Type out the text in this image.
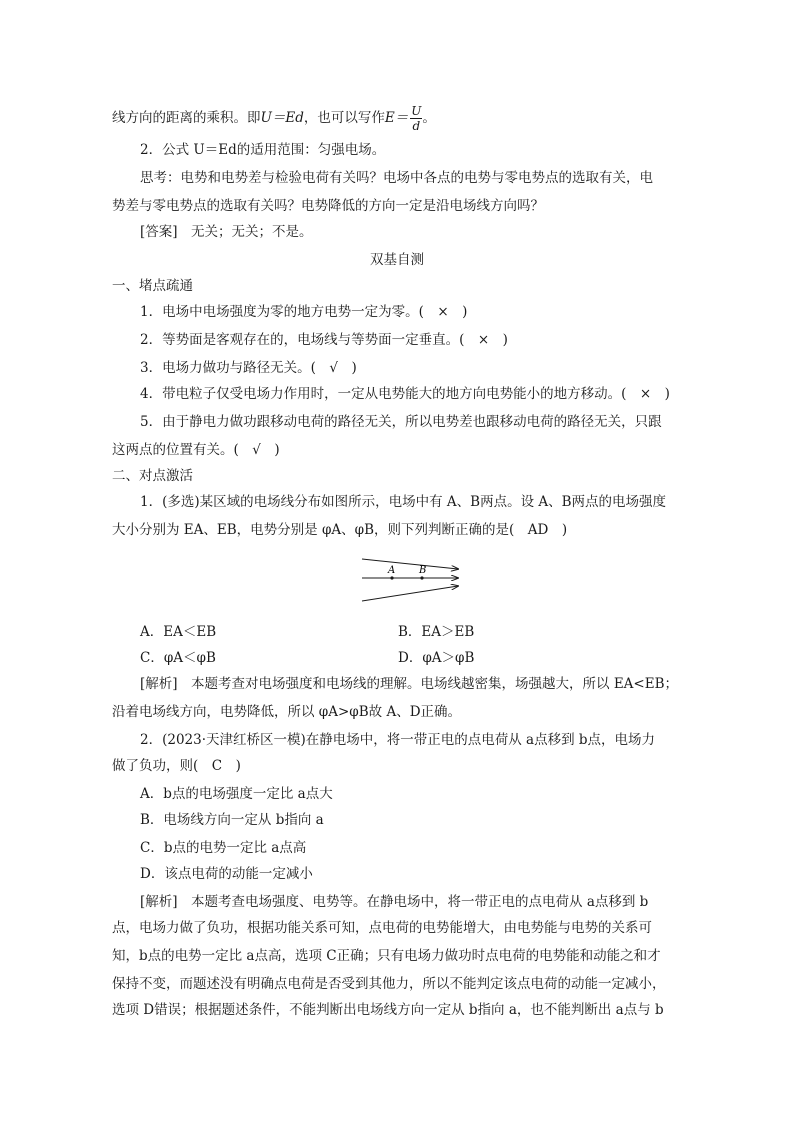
线方向的距离的乘积。即U＝Ed，也可以写作$E= \frac{U}{d}$ 。
2．公式 U＝Ed的适用范围：匀强电场。
思考：电势和电势差与检验电荷有关吗？电场中各点的电势与零电势点的选取有关，电
势差与零电势点的选取有关吗？电势降低的方向一定是沿电场线方向吗？
[答案]　无关；无关；不是。
双基自测
一、堵点疏通
1．电场中电场强度为零的地方电势一定为零。(　×　)
2．等势面是客观存在的，电场线与等势面一定垂直。(　×　)
3．电场力做功与路径无关。(　√　)
4．带电粒子仅受电场力作用时，一定从电势能大的地方向电势能小的地方移动。(　×　)
5．由于静电力做功跟移动电荷的路径无关，所以电势差也跟移动电荷的路径无关，只跟
这两点的位置有关。(　√　)
二、对点激活
1．(多选)某区域的电场线分布如图所示，电场中有 A、B两点。设 A、B两点的电场强度
大小分别为 EA、EB，电势分别是 φA、φB，则下列判断正确的是(　AD　)
A B
A．EA＜EB	B．EA＞EB
C．φA＜φB	D．φA＞φB
[解析]　本题考查对电场强度和电场线的理解。电场线越密集，场强越大，所以 EA<EB；
沿着电场线方向，电势降低，所以 φA>φB故 A、D正确。
2．(2023·天津红桥区一模)在静电场中，将一带正电的点电荷从 a点移到 b点，电场力
做了负功，则(　C　)
A．b点的电场强度一定比 a点大
B．电场线方向一定从 b指向 a
C．b点的电势一定比 a点高
D．该点电荷的动能一定减小
[解析]　本题考查电场强度、电势等。在静电场中，将一带正电的点电荷从 a点移到 b
点，电场力做了负功，根据功能关系可知，点电荷的电势能增大，由电势能与电势的关系可
知，b点的电势一定比 a点高，选项 C正确；只有电场力做功时点电荷的电势能和动能之和才
保持不变，而题述没有明确点电荷是否受到其他力，所以不能判定该点电荷的动能一定减小，
选项 D错误；根据题述条件，不能判断出电场线方向一定从 b指向 a，也不能判断出 a点与 b
